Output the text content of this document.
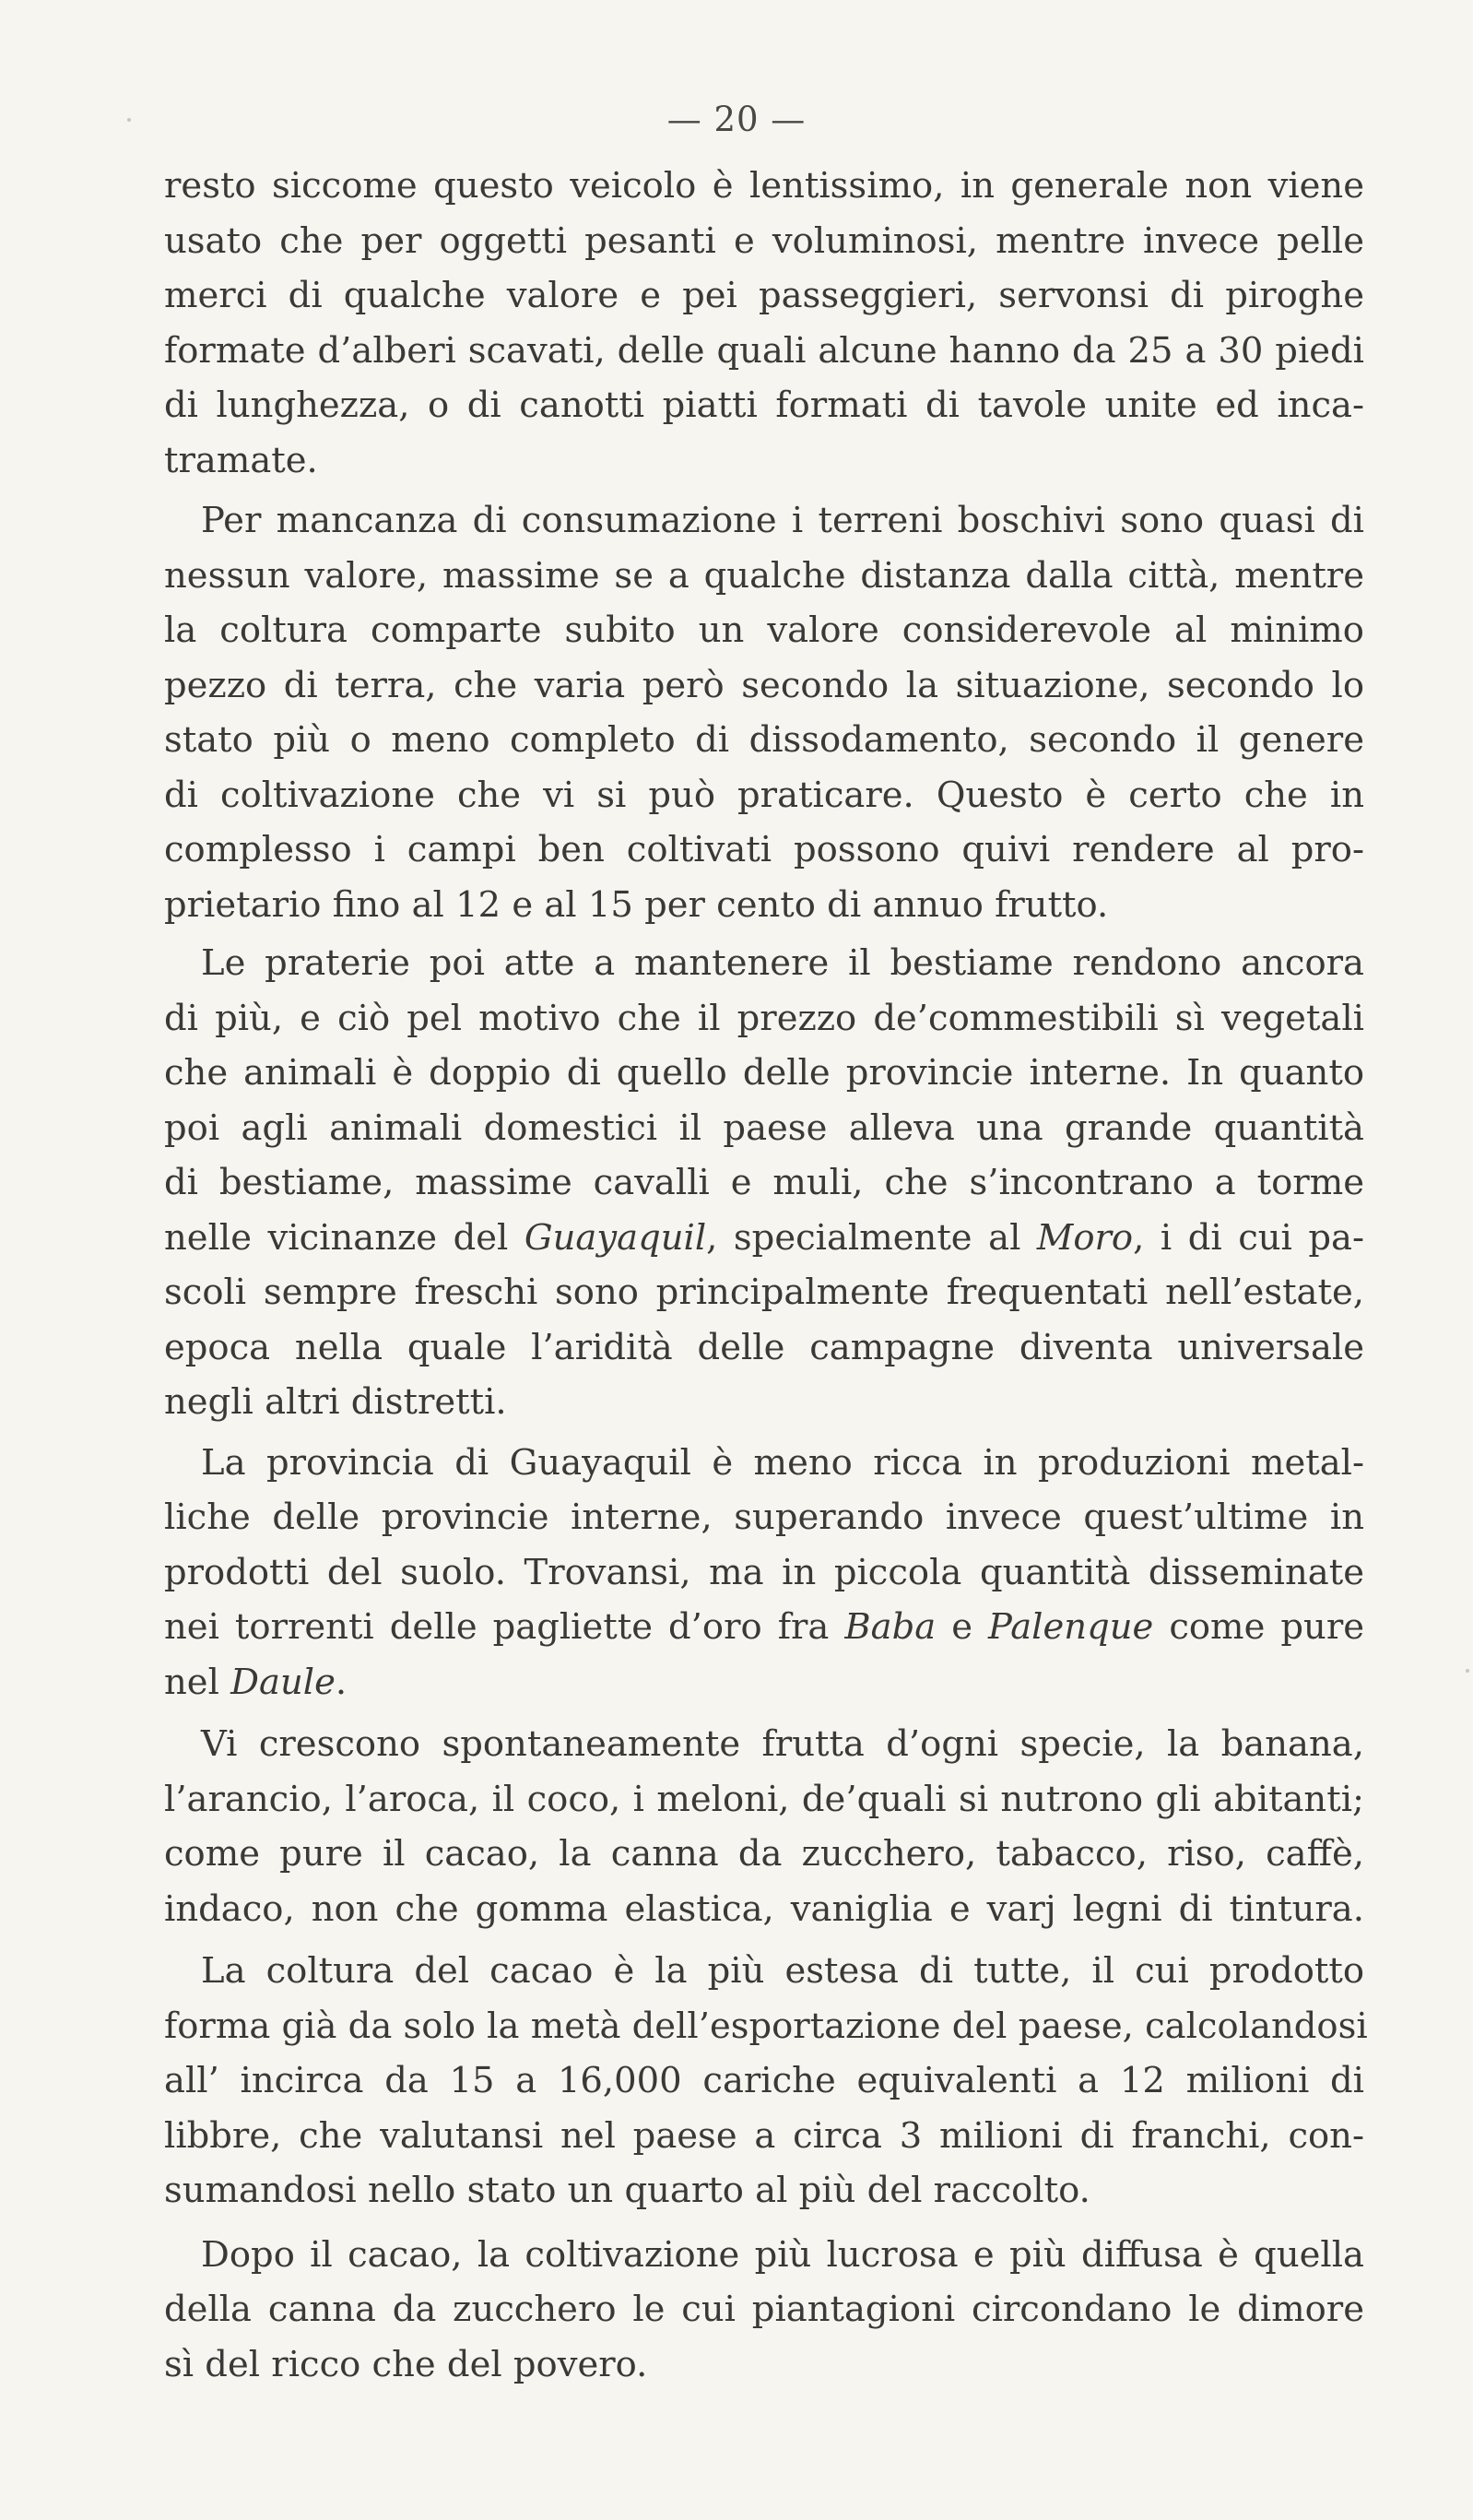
— 20 —
resto siccome questo veicolo è lentissimo, in generale non viene
usato che per oggetti pesanti e voluminosi, mentre invece pelle
merci di qualche valore e pei passeggieri, servonsi di piroghe
formate d’alberi scavati, delle quali alcune hanno da 25 a 30 piedi
di lunghezza, o di canotti piatti formati di tavole unite ed inca-
tramate.
Per mancanza di consumazione i terreni boschivi sono quasi di
nessun valore, massime se a qualche distanza dalla città, mentre
la coltura comparte subito un valore considerevole al minimo
pezzo di terra, che varia però secondo la situazione, secondo lo
stato più o meno completo di dissodamento, secondo il genere
di coltivazione che vi si può praticare. Questo è certo che in
complesso i campi ben coltivati possono quivi rendere al pro-
prietario fino al 12 e al 15 per cento di annuo frutto.
Le praterie poi atte a mantenere il bestiame rendono ancora
di più, e ciò pel motivo che il prezzo de’commestibili sì vegetali
che animali è doppio di quello delle provincie interne. In quanto
poi agli animali domestici il paese alleva una grande quantità
di bestiame, massime cavalli e muli, che s’incontrano a torme
nelle vicinanze del Guayaquil, specialmente al Moro, i di cui pa-
scoli sempre freschi sono principalmente frequentati nell’estate,
epoca nella quale l’aridità delle campagne diventa universale
negli altri distretti.
La provincia di Guayaquil è meno ricca in produzioni metal-
liche delle provincie interne, superando invece quest’ultime in
prodotti del suolo. Trovansi, ma in piccola quantità disseminate
nei torrenti delle pagliette d’oro fra Baba e Palenque come pure
nel Daule.
Vi crescono spontaneamente frutta d’ogni specie, la banana,
l’arancio, l’aroca, il coco, i meloni, de’quali si nutrono gli abitanti;
come pure il cacao, la canna da zucchero, tabacco, riso, caffè,
indaco, non che gomma elastica, vaniglia e varj legni di tintura.
La coltura del cacao è la più estesa di tutte, il cui prodotto
forma già da solo la metà dell’esportazione del paese, calcolandosi
all’ incirca da 15 a 16,000 cariche equivalenti a 12 milioni di
libbre, che valutansi nel paese a circa 3 milioni di franchi, con-
sumandosi nello stato un quarto al più del raccolto.
Dopo il cacao, la coltivazione più lucrosa e più diffusa è quella
della canna da zucchero le cui piantagioni circondano le dimore
sì del ricco che del povero.
